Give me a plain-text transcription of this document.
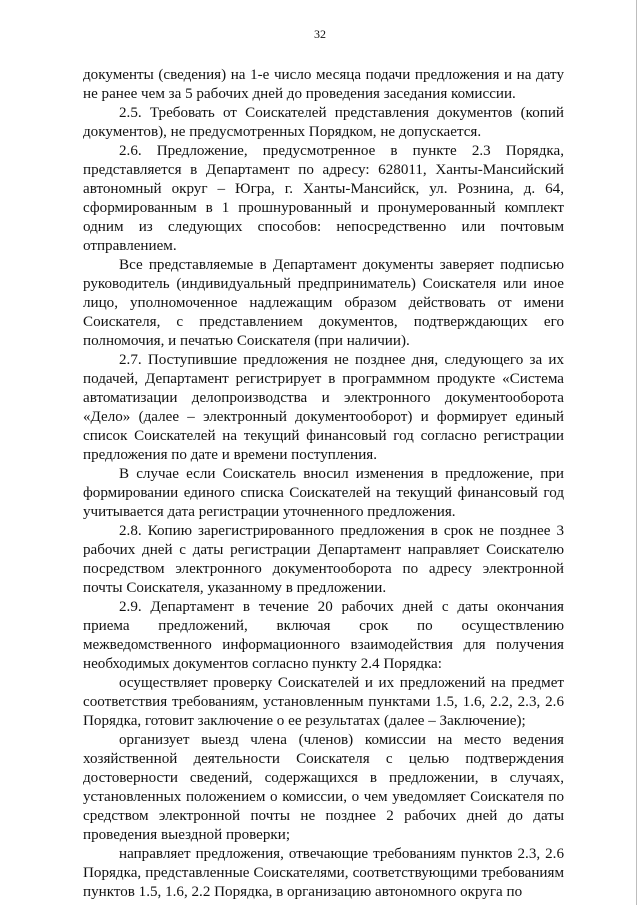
32

документы (сведения) на 1-е число месяца подачи предложения и на дату не ранее чем за 5 рабочих дней до проведения заседания комиссии.

2.5. Требовать от Соискателей представления документов (копий документов), не предусмотренных Порядком, не допускается.

2.6. Предложение, предусмотренное в пункте 2.3 Порядка, представляется в Департамент по адресу: 628011, Ханты-Мансийский автономный округ – Югра, г. Ханты-Мансийск, ул. Рознина, д. 64, сформированным в 1 прошнурованный и пронумерованный комплект одним из следующих способов: непосредственно или почтовым отправлением.

Все представляемые в Департамент документы заверяет подписью руководитель (индивидуальный предприниматель) Соискателя или иное лицо, уполномоченное надлежащим образом действовать от имени Соискателя, с представлением документов, подтверждающих его полномочия, и печатью Соискателя (при наличии).

2.7. Поступившие предложения не позднее дня, следующего за их подачей, Департамент регистрирует в программном продукте «Система автоматизации делопроизводства и электронного документооборота «Дело» (далее – электронный документооборот) и формирует единый список Соискателей на текущий финансовый год согласно регистрации предложения по дате и времени поступления.

В случае если Соискатель вносил изменения в предложение, при формировании единого списка Соискателей на текущий финансовый год учитывается дата регистрации уточненного предложения.

2.8. Копию зарегистрированного предложения в срок не позднее 3 рабочих дней с даты регистрации Департамент направляет Соискателю посредством электронного документооборота по адресу электронной почты Соискателя, указанному в предложении.

2.9. Департамент в течение 20 рабочих дней с даты окончания приема предложений, включая срок по осуществлению межведомственного информационного взаимодействия для получения необходимых документов согласно пункту 2.4 Порядка:

осуществляет проверку Соискателей и их предложений на предмет соответствия требованиям, установленным пунктами 1.5, 1.6, 2.2, 2.3, 2.6 Порядка, готовит заключение о ее результатах (далее – Заключение);

организует выезд члена (членов) комиссии на место ведения хозяйственной деятельности Соискателя с целью подтверждения достоверности сведений, содержащихся в предложении, в случаях, установленных положением о комиссии, о чем уведомляет Соискателя по средством электронной почты не позднее 2 рабочих дней до даты проведения выездной проверки;

направляет предложения, отвечающие требованиям пунктов 2.3, 2.6 Порядка, представленные Соискателями, соответствующими требованиям пунктов 1.5, 1.6, 2.2 Порядка, в организацию автономного округа по
